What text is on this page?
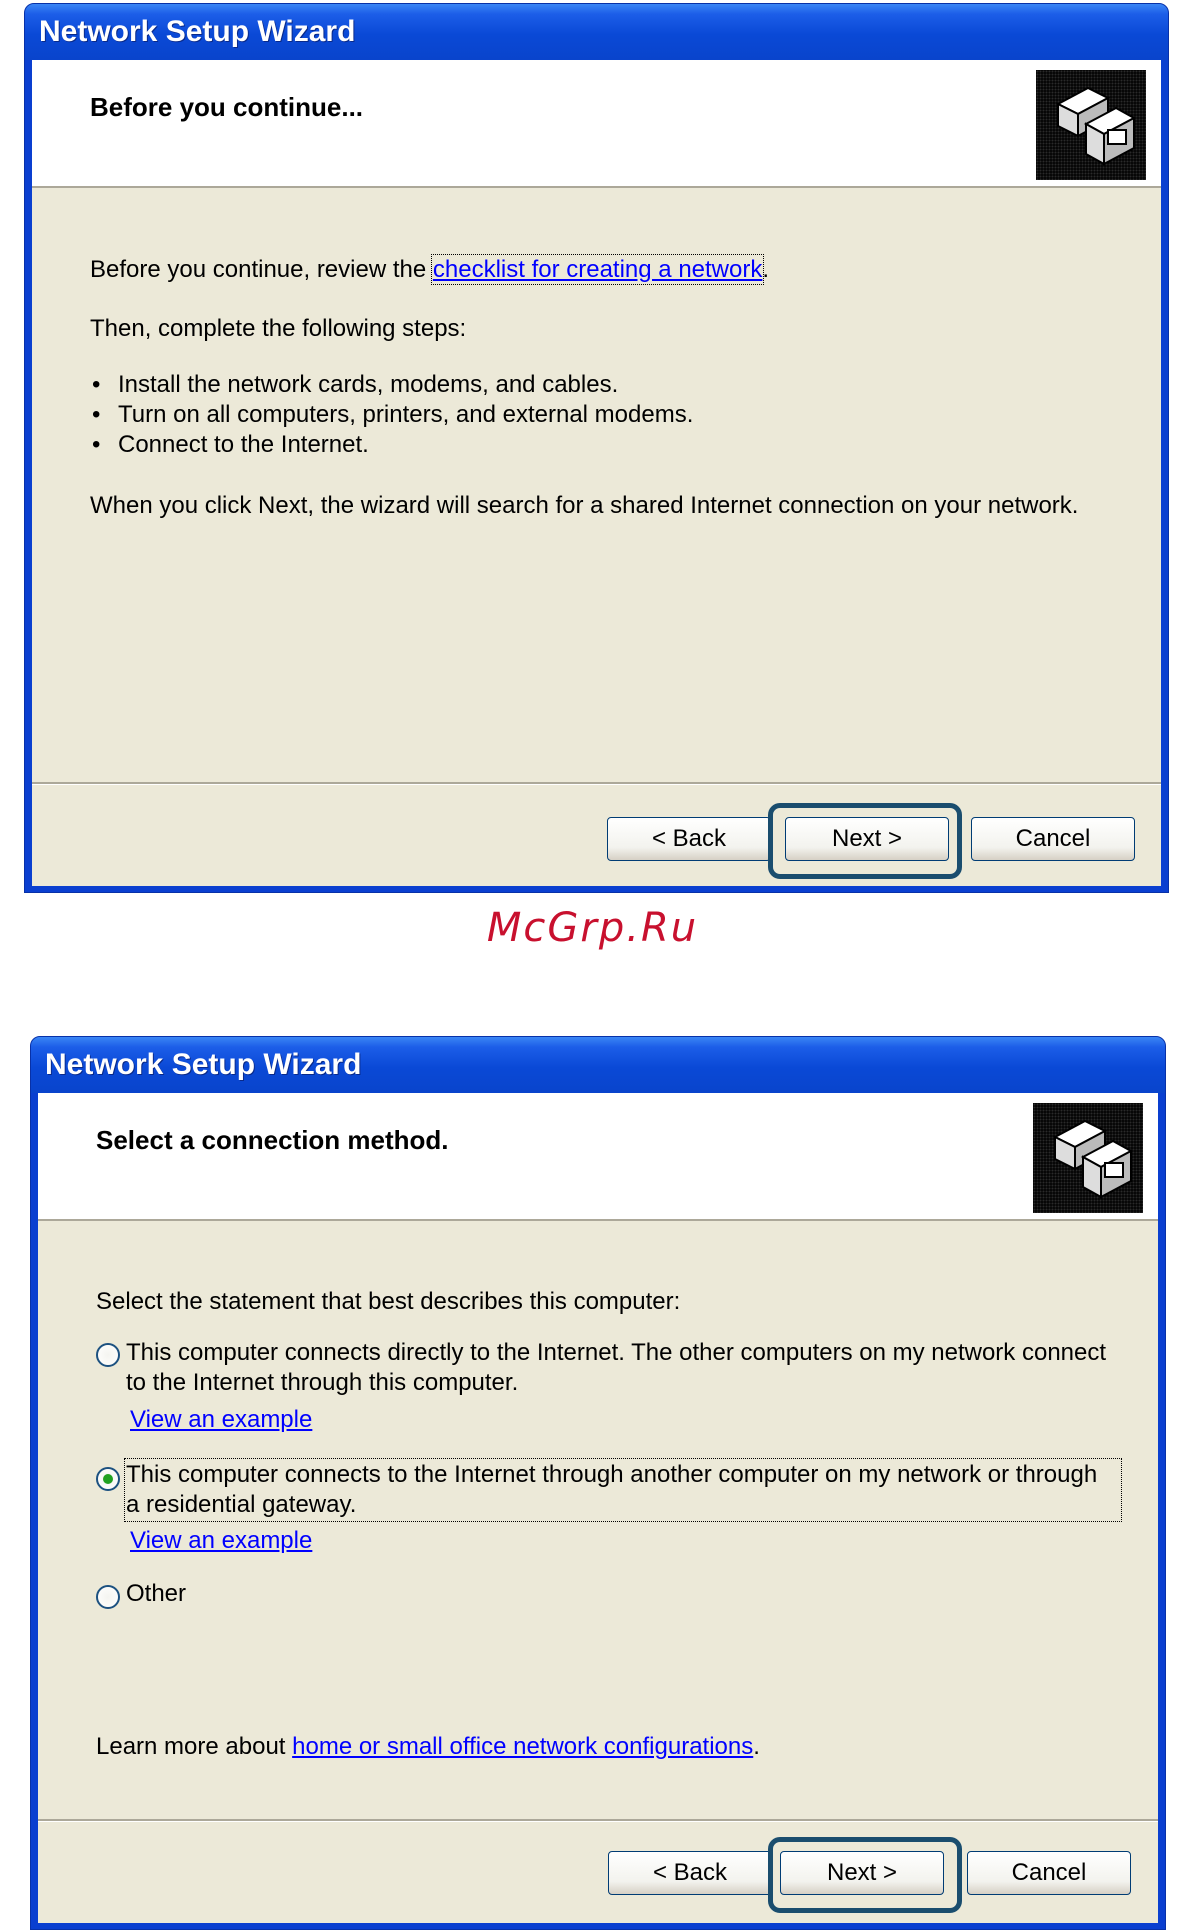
Network Setup Wizard
Before you continue...
Before you continue, review the checklist for creating a network.
Then, complete the following steps:
• Install the network cards, modems, and cables.
• Turn on all computers, printers, and external modems.
• Connect to the Internet.
When you click Next, the wizard will search for a shared Internet connection on your network.
< Back	Next >	Cancel
McGrp.Ru
Network Setup Wizard
Select a connection method.
Select the statement that best describes this computer:
This computer connects directly to the Internet. The other computers on my network connect
to the Internet through this computer.
View an example
This computer connects to the Internet through another computer on my network or through
a residential gateway.
View an example
Other
Learn more about home or small office network configurations.
< Back	Next >	Cancel
